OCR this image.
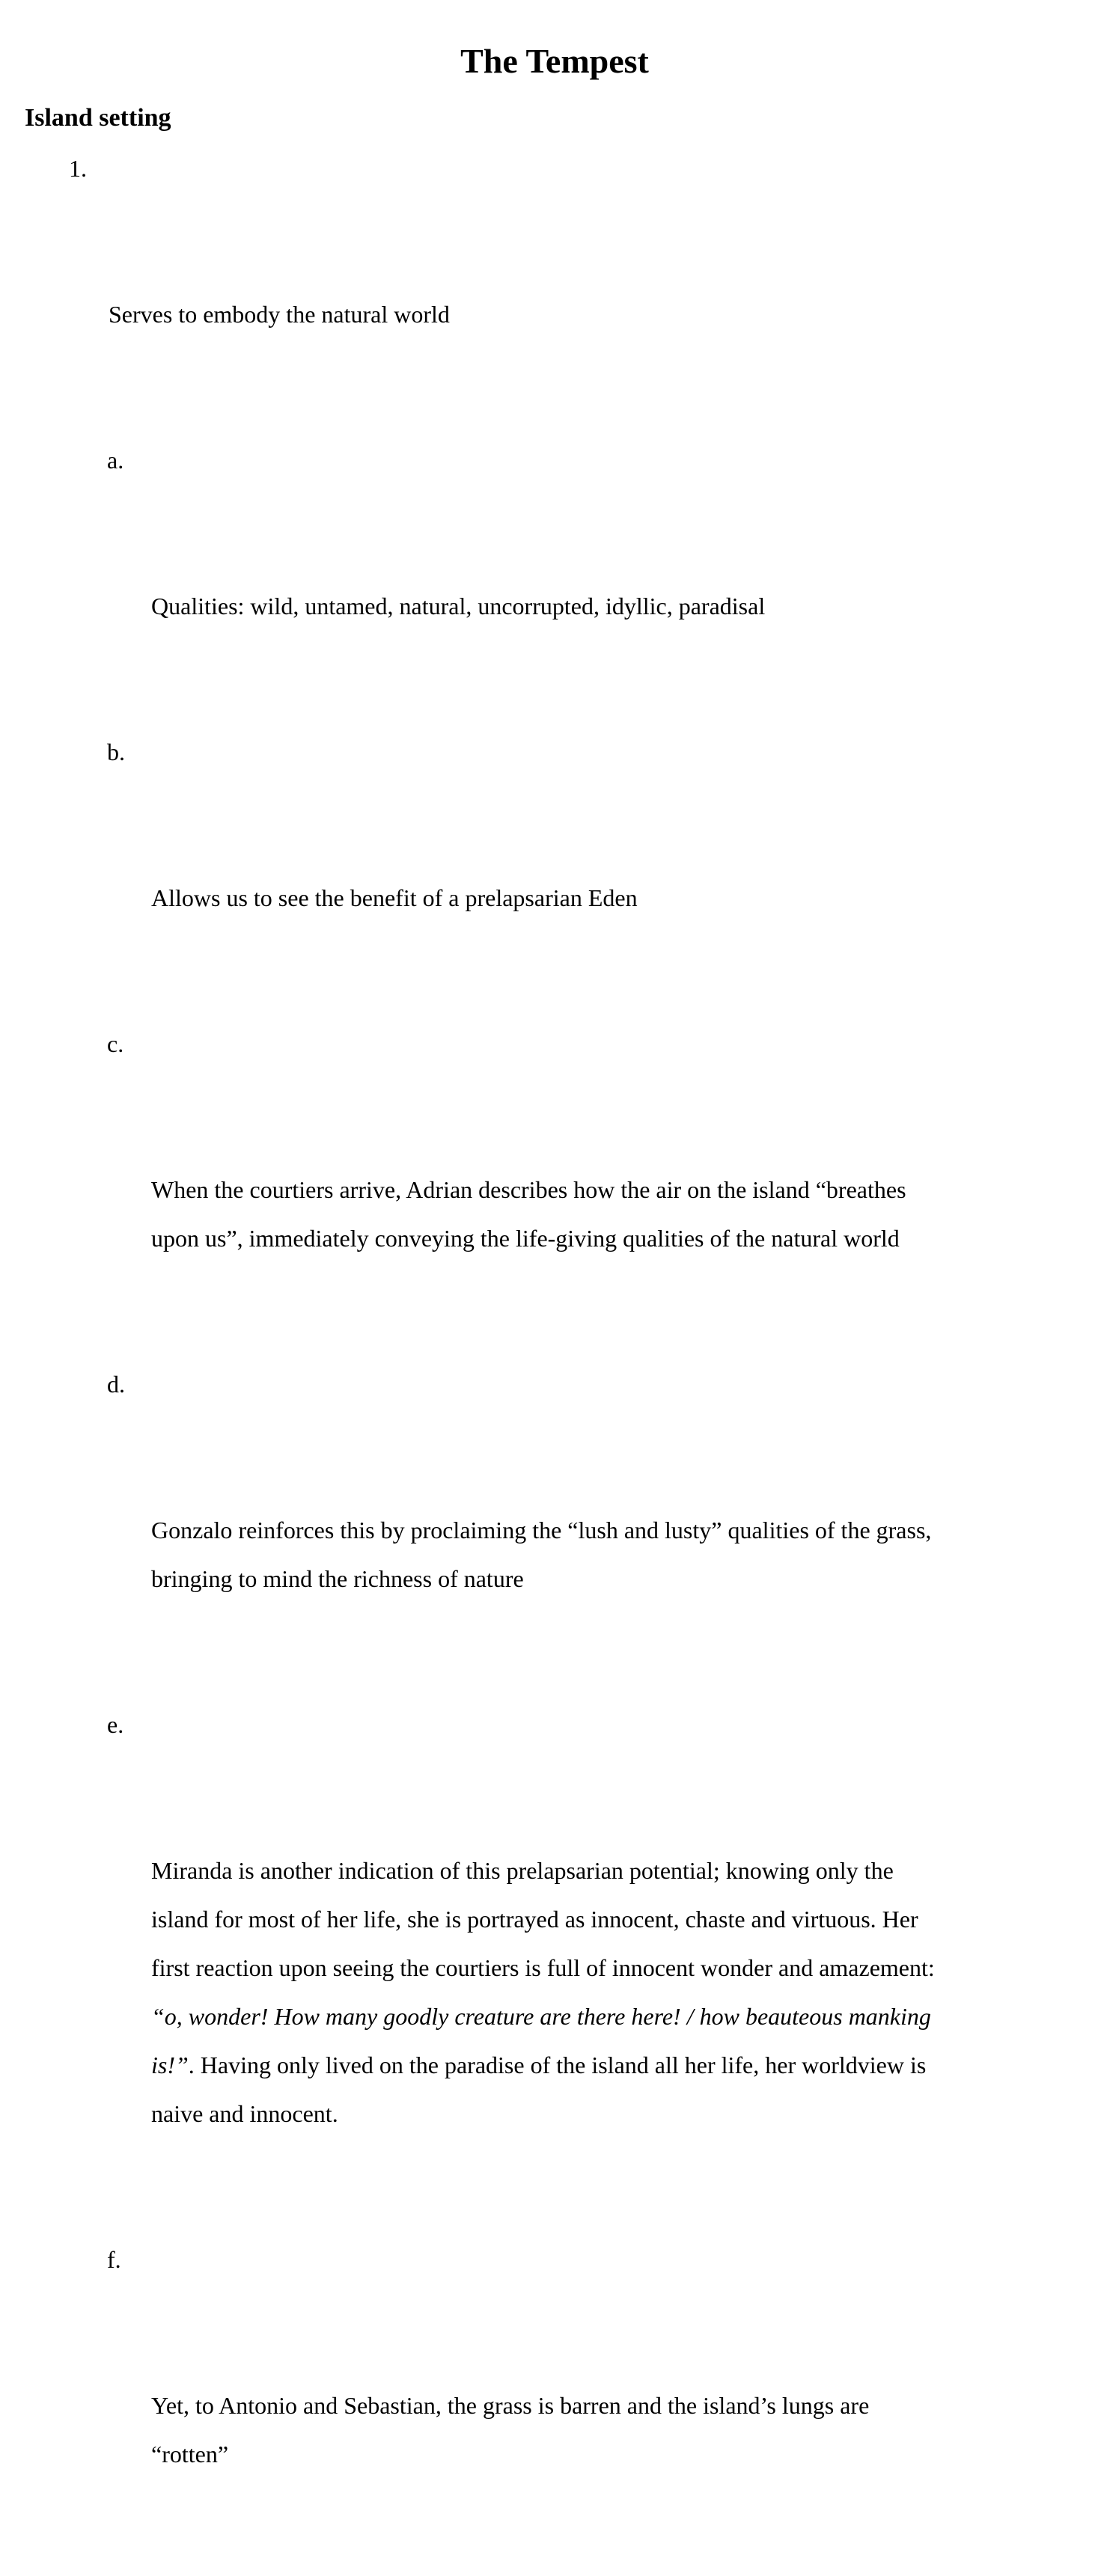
The Tempest
Island setting

1.

Serves to embody the natural world

a.

Qualities: wild, untamed, natural, uncorrupted, idyllic, paradisal

b.

Allows us to see the benefit of a prelapsarian Eden

c.

When the courtiers arrive, Adrian describes how the air on the island “breathes
upon us”, immediately conveying the life-giving qualities of the natural world

d.

Gonzalo reinforces this by proclaiming the “lush and lusty” qualities of the grass,
bringing to mind the richness of nature

e.

Miranda is another indication of this prelapsarian potential; knowing only the
island for most of her life, she is portrayed as innocent, chaste and virtuous. Her
first reaction upon seeing the courtiers is full of innocent wonder and amazement:
“o, wonder! How many goodly creature are there here! / how beauteous manking
is!”. Having only lived on the paradise of the island all her life, her worldview is
naive and innocent.

f.

Yet, to Antonio and Sebastian, the grass is barren and the island’s lungs are
“rotten”
